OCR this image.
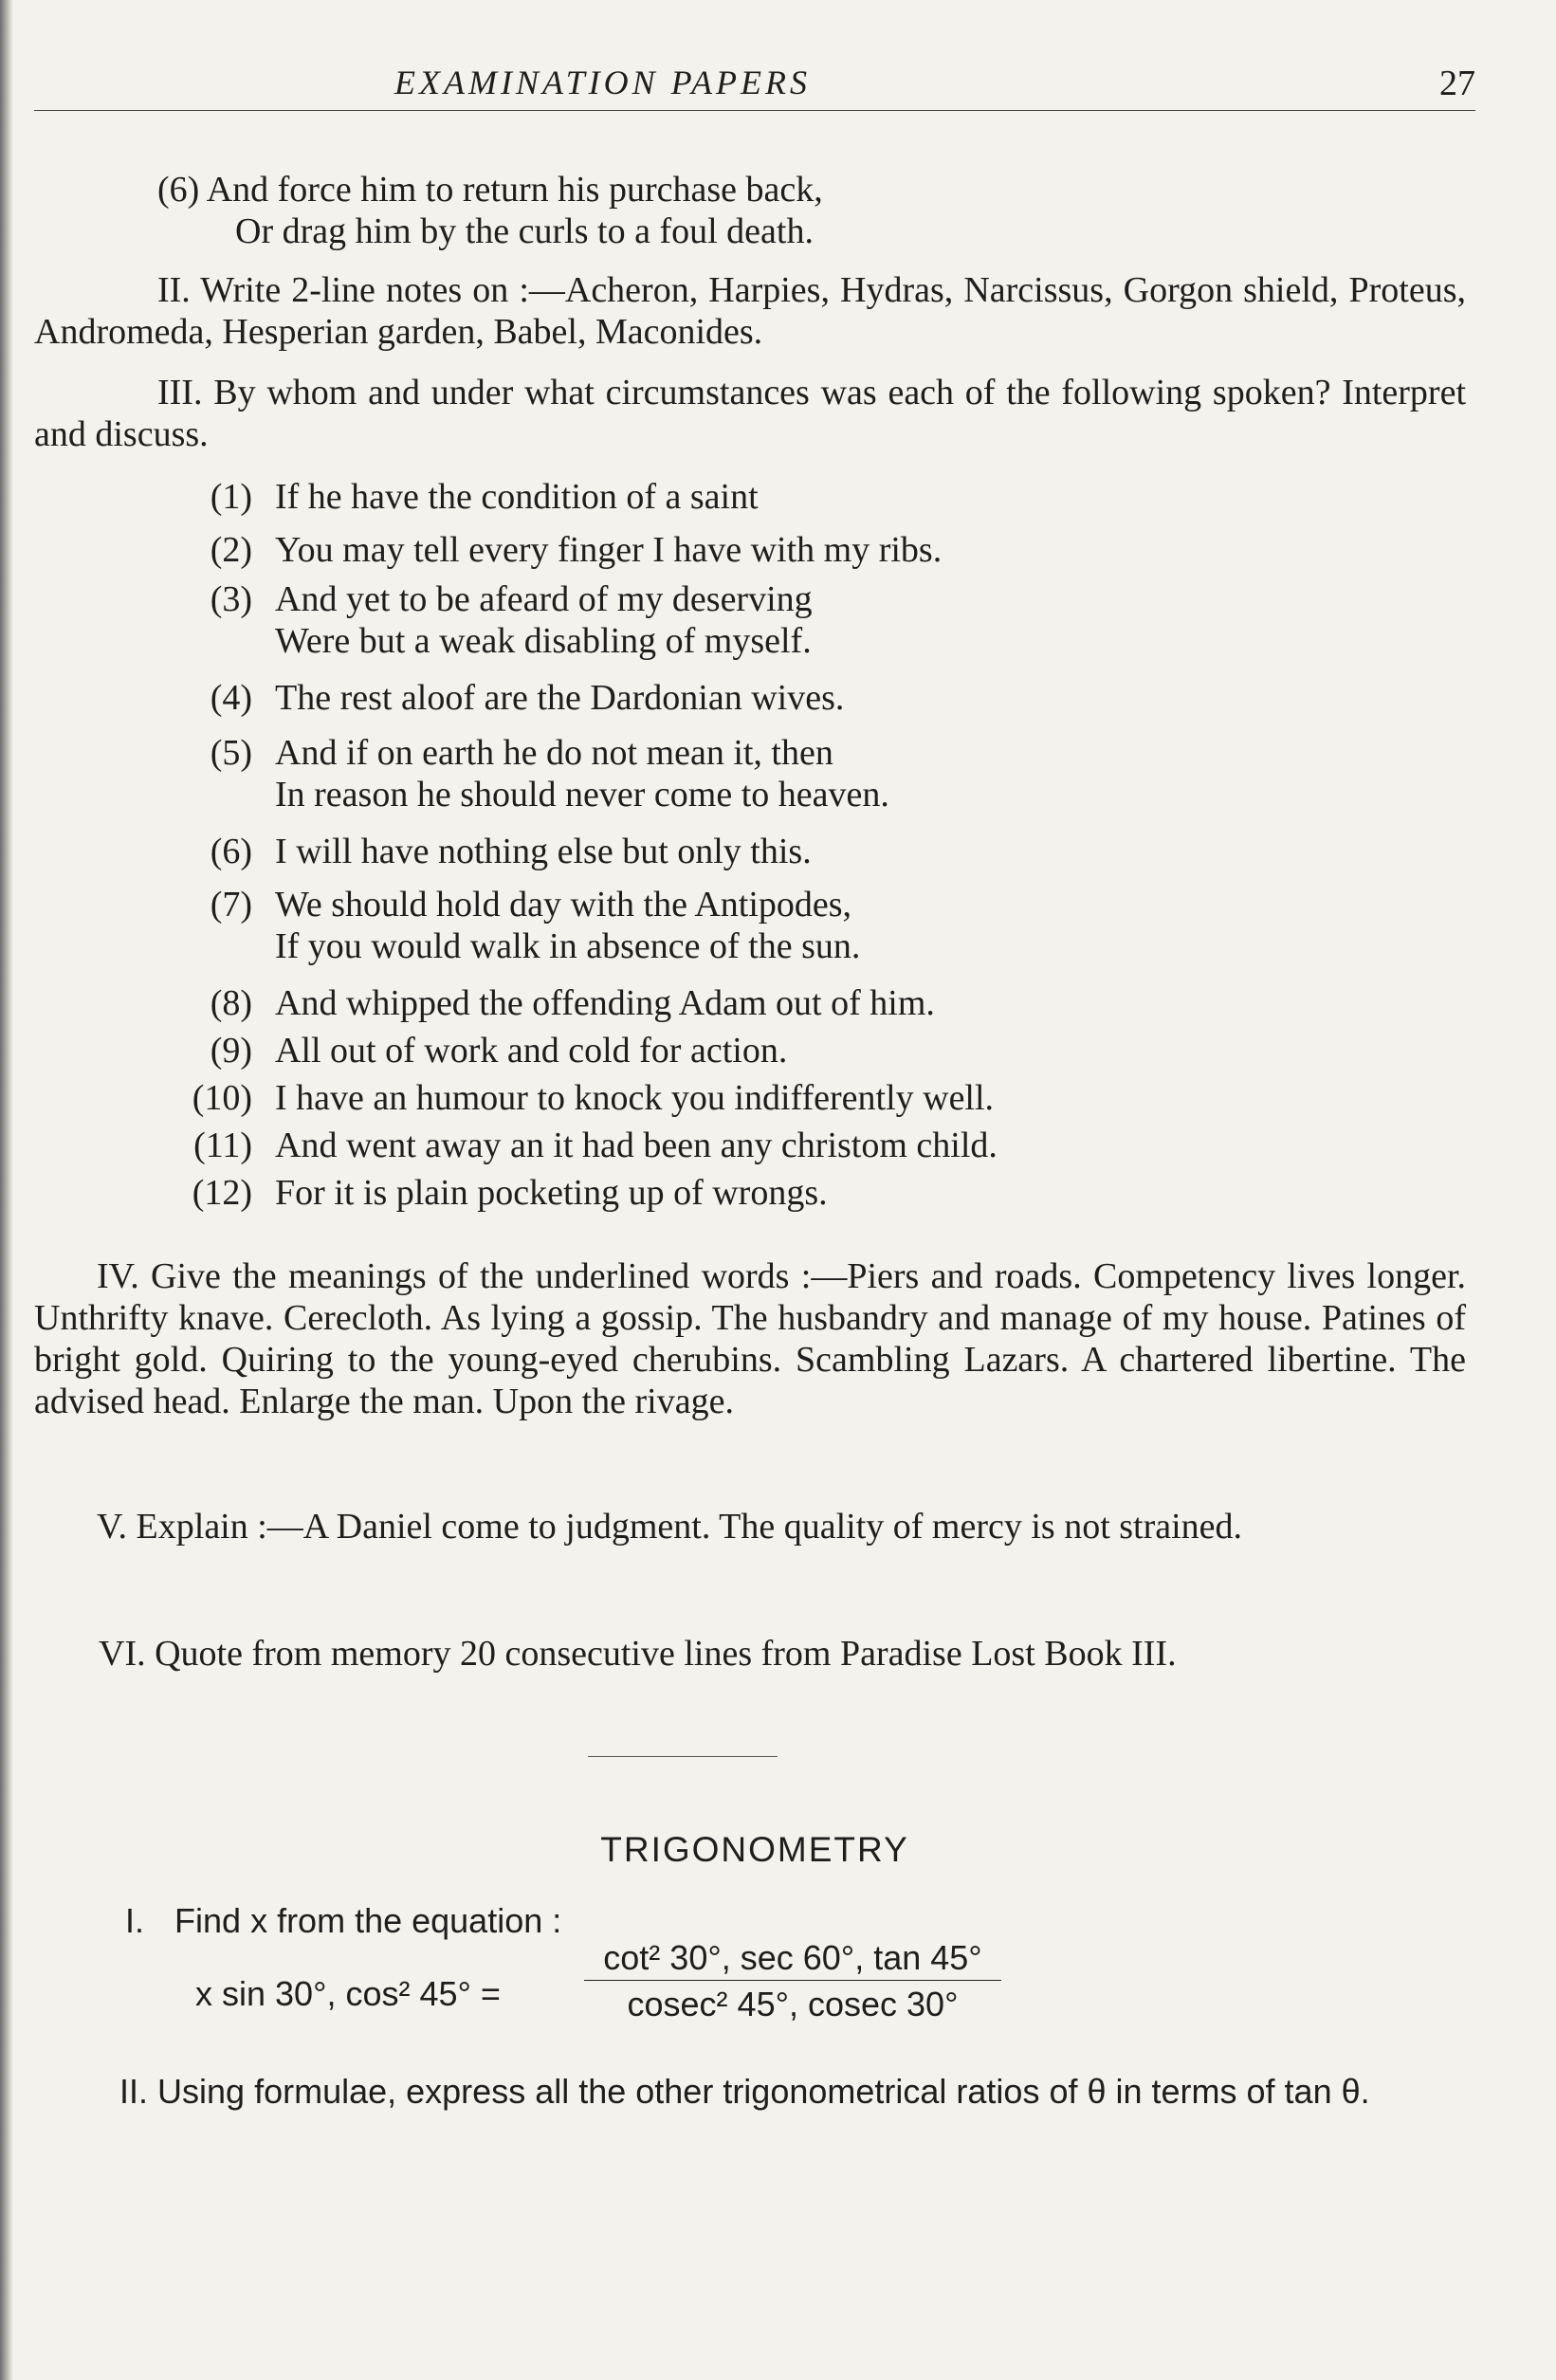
EXAMINATION PAPERS	27
(6) And force him to return his purchase back,
Or drag him by the curls to a foul death.
II. Write 2-line notes on :—Acheron, Harpies, Hydras, Narcissus, Gorgon shield, Proteus, Andromeda, Hesperian garden, Babel, Maconides.
III. By whom and under what circumstances was each of the following spoken? Interpret and discuss.
(1) If he have the condition of a saint
(2) You may tell every finger I have with my ribs.
(3) And yet to be afeard of my deserving
Were but a weak disabling of myself.
(4) The rest aloof are the Dardonian wives.
(5) And if on earth he do not mean it, then
In reason he should never come to heaven.
(6) I will have nothing else but only this.
(7) We should hold day with the Antipodes,
If you would walk in absence of the sun.
(8) And whipped the offending Adam out of him.
(9) All out of work and cold for action.
(10) I have an humour to knock you indifferently well.
(11) And went away an it had been any christom child.
(12) For it is plain pocketing up of wrongs.
IV. Give the meanings of the underlined words :—Piers and roads. Competency lives longer. Unthrifty knave. Cerecloth. As lying a gossip. The husbandry and manage of my house. Patines of bright gold. Quiring to the young-eyed cherubins. Scambling Lazars. A chartered libertine. The advised head. Enlarge the man. Upon the rivage.
V. Explain :—A Daniel come to judgment. The quality of mercy is not strained.
VI. Quote from memory 20 consecutive lines from Paradise Lost Book III.
TRIGONOMETRY
I. Find x from the equation :
x sin 30°, cos² 45° =
cot² 30°, sec 60°, tan 45°
cosec² 45°, cosec 30°
II. Using formulae, express all the other trigonometrical ratios of θ in terms of tan θ.
